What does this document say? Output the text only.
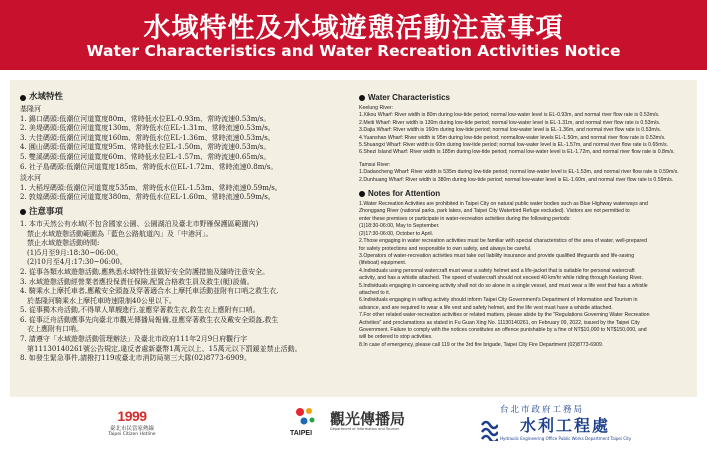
水域特性及水域遊憩活動注意事項
Water Characteristics and Water Recreation Activities Notice
水域特性

基隆河

1. 錫口碼頭:低潮位河道寬度80m、常時低水位EL-0.93m、常時流速0.53m/s。

2. 美堤碼頭:低潮位河道寬度130m、常時低水位EL-1.31m、常時流速0.53m/s。

3. 大佳碼頭:低潮位河道寬度160m、常時低水位EL-1.36m、常時流速0.53m/s。

4. 圓山碼頭:低潮位河道寬度95m、常時低水位EL-1.50m、常時流速0.53m/s。

5. 雙溪碼頭:低潮位河道寬度60m、常時低水位EL-1.57m、常時流速0.65m/s。

6. 社子島碼頭:低潮位河道寬度185m、常時低水位EL-1.72m、常時流速0.8m/s。

淡水河

1. 大稻埕碼頭:低潮位河道寬度535m、常時低水位EL-1.53m、常時流速0.59m/s。

2. 敦煌碼頭:低潮位河道寬度380m、常時低水位EL-1.60m、常時流速0.59m/s。

注意事項

1. 本市天然公有水域(不包含國家公園、公園湖泊及臺北市野雁保護區範圍內)

　禁止水域遊憩活動範圍為「藍色公路航道內」及「中港河」。

　禁止水域遊憩活動時間:

　(1)5月至9月:18:30~06:00。

　(2)10月至4月:17:30~06:00。

2. 從事各類水域遊憩活動,應熟悉水域特性並做好安全防護措施及隨時注意安全。

3. 水域遊憩活動經營業者應投保責任保險,配置合格救生員及救生(艇)設備。

4. 騎乘水上摩托車者,應戴安全頭盔及穿著適合水上摩托車活動並附有口哨之救生衣,

　於基隆河騎乘水上摩托車時速限制40公里以下。

5. 從事獨木舟活動,不得單人單艘進行,並應穿著救生衣,救生衣上應附有口哨。

6. 從事泛舟活動應事先向臺北市觀光傳播局報備,並應穿著救生衣及戴安全頭盔,救生

　衣上應附有口哨。

7. 請遵守「水域遊憩活動管理辦法」及臺北市政府111年2月9日府觀行字

　第11130140261號公告規定,違反者處新臺幣1萬元以上、15萬元以下罰鍰並禁止活動。

8. 如發生緊急事件,請撥打119或臺北市消防局第三大隊(02)8773-6909。

Water Characteristics

Keelung River:

1.Xikou Wharf: River width is 80m during low-tide period; normal low-water level is EL-0.93m, and normal river flow rate is 0.53m/s.

2.Meiti Wharf: River width is 130m during low-tide period; normal low-water level is EL-1.31m, and normal river flow rate is 0.53m/s.

3.Dajia Wharf: River width is 160m during low-tide period; normal low-water level is EL-1.36m, and normal river flow rate is 0.53m/s.

4.Yuanshan Wharf: River width is 95m during low-tide period; normallow-water levels EL-1.50m, and normal river flow rate is 0.53m/s.

5.Shuangxi Wharf: River width is 60m during low-tide period; normal low-water level is EL-1.57m, and normal river flow rate is 0.65m/s.

6.Shezi Island Wharf: River width is 185m during low-tide period; normal low-water level is EL-1.72m, and normal river flow rate is 0.8m/s.

Tamsui River:

1.Dadaocheng Wharf: River width is 535m during low-tide period; normal low-water level is EL-1.53m, and normal river flow rate is 0.59m/s.

2.Dunhuang Wharf: River width is 380m during low-tide period; normal low-water level is EL-1.60m, and normal river flow rate is 0.59m/s.

Notes for Attention

1.Water Recreation Activities are prohibited in Taipei City on natural public water bodies such as Blue Highway waterways and

Zhonggang River (national parks, park lakes, and Taipei City Waterbird Refuge excluded). Visitors are not permitted to

enter these premises or participate in water-recreation activities during the following periods:

(1)18:30-06:00, May to September.

(2)17:30-06:00, October to April.

2.Those engaging in water recreation activities must be familiar with special characteristics of the area of water, well-prepared

for safety protections and responsible to own safety, and always be careful.

3.Operators of water-recreation activities must take out liability insurance and provide qualified lifeguards and life-saving

(lifeboat) equipment.

4.Individuals using personal watercraft must wear a safety helmet and a life-jacket that is suitable for personal watercraft

activity, and has a whistle attached. The speed of watercraft should not exceed 40 km/hr while riding through Keelung River.

5.Individuals engaging in canoeing activity shall not do so alone in a single vessel, and must wear a life vest that has a whistle

attached to it.

6.Individuals engaging in rafting activity should inform Taipei City Government's Department of Information and Tourism in

advance, and are required to wear a life vest and safety helmet, and the life vest must have a whistle attached.

7.For other related water-recreation activities or related matters, please abide by the "Regulations Governing Water Recreation

Activities" and proclamations as stated in Fu Guan Xing No. 11130140261, on February 09, 2022, issued by the Taipei City

Government. Failure to comply with the notices constitutes an offence punishable by a fine of NT$10,000 to NT$150,000, and

will be ordered to stop activities.

8.In case of emergency, please call 119 or the 3rd fire brigade, Taipei City Fire Department (02)8773-6909.

1999
臺北市民當家熱線
Taipei Citizen Hotline	TAIPEI
觀光傳播局
Department of Information and Tourism
台北市政府工務局
水利工程處
Hydraulic Engineering Office Public Works Department Taipei City
